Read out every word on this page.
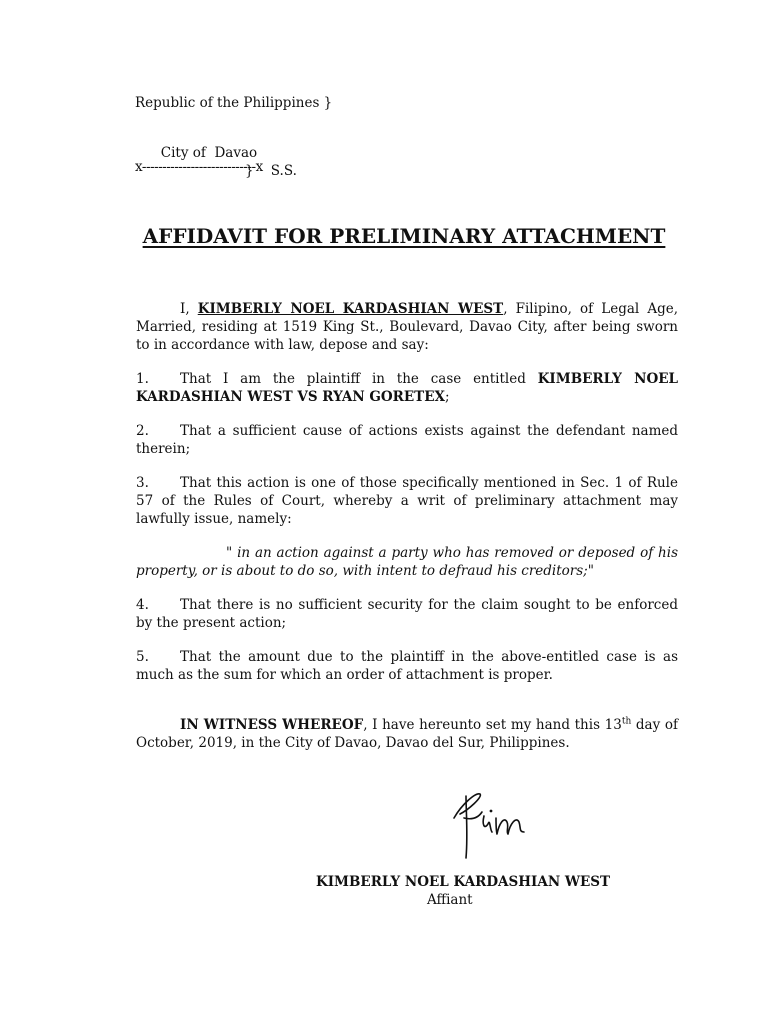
Republic of the Philippines }

City of  Davao

}    S.S.

x----------------------------x
AFFIDAVIT FOR PRELIMINARY ATTACHMENT

I, KIMBERLY NOEL KARDASHIAN WEST, Filipino, of Legal Age, Married, residing at 1519 King St., Boulevard, Davao City, after being sworn to in accordance with law, depose and say:

1. That I am the plaintiff in the case entitled KIMBERLY NOEL KARDASHIAN WEST VS RYAN GORETEX;

2. That a sufficient cause of actions exists against the defendant named therein;

3. That this action is one of those specifically mentioned in Sec. 1 of Rule 57 of the Rules of Court, whereby a writ of preliminary attachment may lawfully issue, namely:

" in an action against a party who has removed or deposed of his property, or is about to do so, with intent to defraud his creditors;"

4. That there is no sufficient security for the claim sought to be enforced by the present action;

5. That the amount due to the plaintiff in the above-entitled case is as much as the sum for which an order of attachment is proper.

IN WITNESS WHEREOF, I have hereunto set my hand this 13th day of October, 2019, in the City of Davao, Davao del Sur, Philippines.

KIMBERLY NOEL KARDASHIAN WEST
Affiant
